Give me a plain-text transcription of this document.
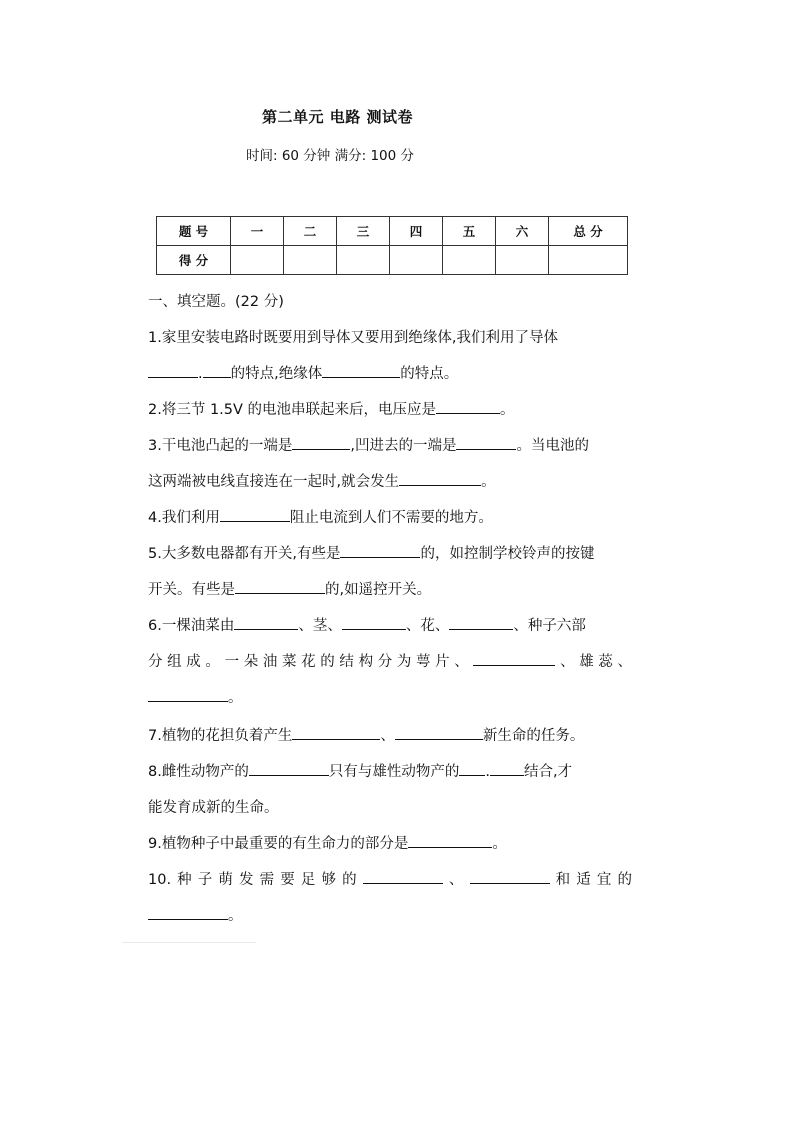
第二单元 电路 测试卷
时间: 60 分钟 满分: 100 分
题 号	一	二	三	四	五	六	总 分
得 分							
一、填空题。(22 分)
1.家里安装电路时既要用到导体又要用到绝缘体,我们利用了导体
. 的特点,绝缘体	的特点。
2.将三节 1.5V 的电池串联起来后，电压应是	。
3.干电池凸起的一端是	,凹进去的一端是	。当电池的
这两端被电线直接连在一起时,就会发生	。
4.我们利用	阻止电流到人们不需要的地方。
5.大多数电器都有开关,有些是	的，如控制学校铃声的按键
开关。有些是	的,如遥控开关。
6.一棵油菜由	、茎、	、花、	、种子六部
分组成。一朵油菜花的结构分为萼片、	、雄蕊、
。
7.植物的花担负着产生	、	新生命的任务。
8.雌性动物产的	只有与雄性动物产的 . 结合,才
能发育成新的生命。
9.植物种子中最重要的有生命力的部分是	。
10.种子萌发需要足够的	、	和适宜的
。
